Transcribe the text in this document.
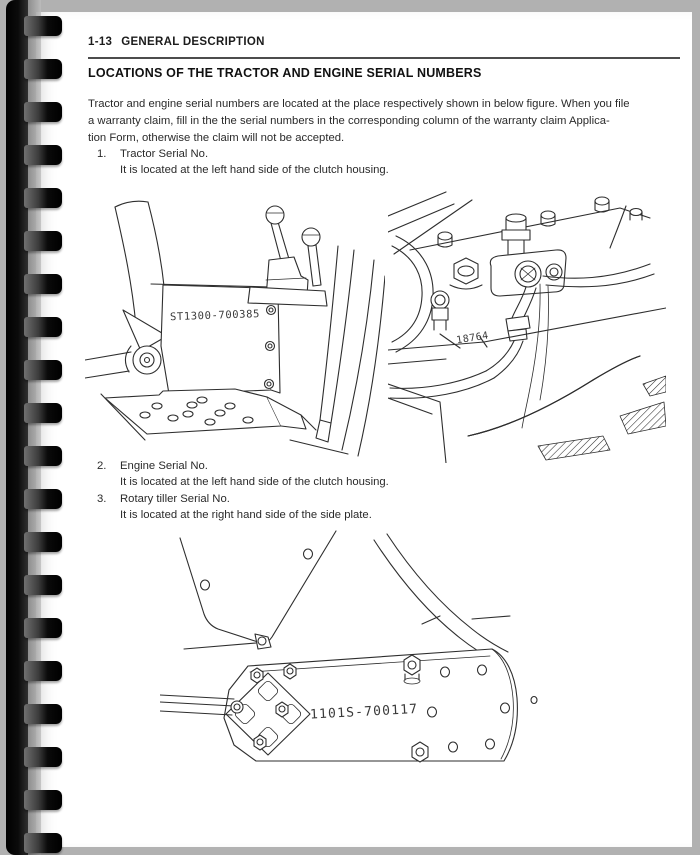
1-13 GENERAL DESCRIPTION
LOCATIONS OF THE TRACTOR AND ENGINE SERIAL NUMBERS
Tractor and engine serial numbers are located at the place respectively shown in below figure. When you file
a warranty claim, fill in the the serial numbers in the corresponding column of the warranty claim Applica-
tion Form, otherwise the claim will not be accepted.
1. Tractor Serial No.
It is located at the left hand side of the clutch housing.
ST1300-700385
18764
2. Engine Serial No.
It is located at the left hand side of the clutch housing.
3. Rotary tiller Serial No.
It is located at the right hand side of the side plate.
1101S-700117
